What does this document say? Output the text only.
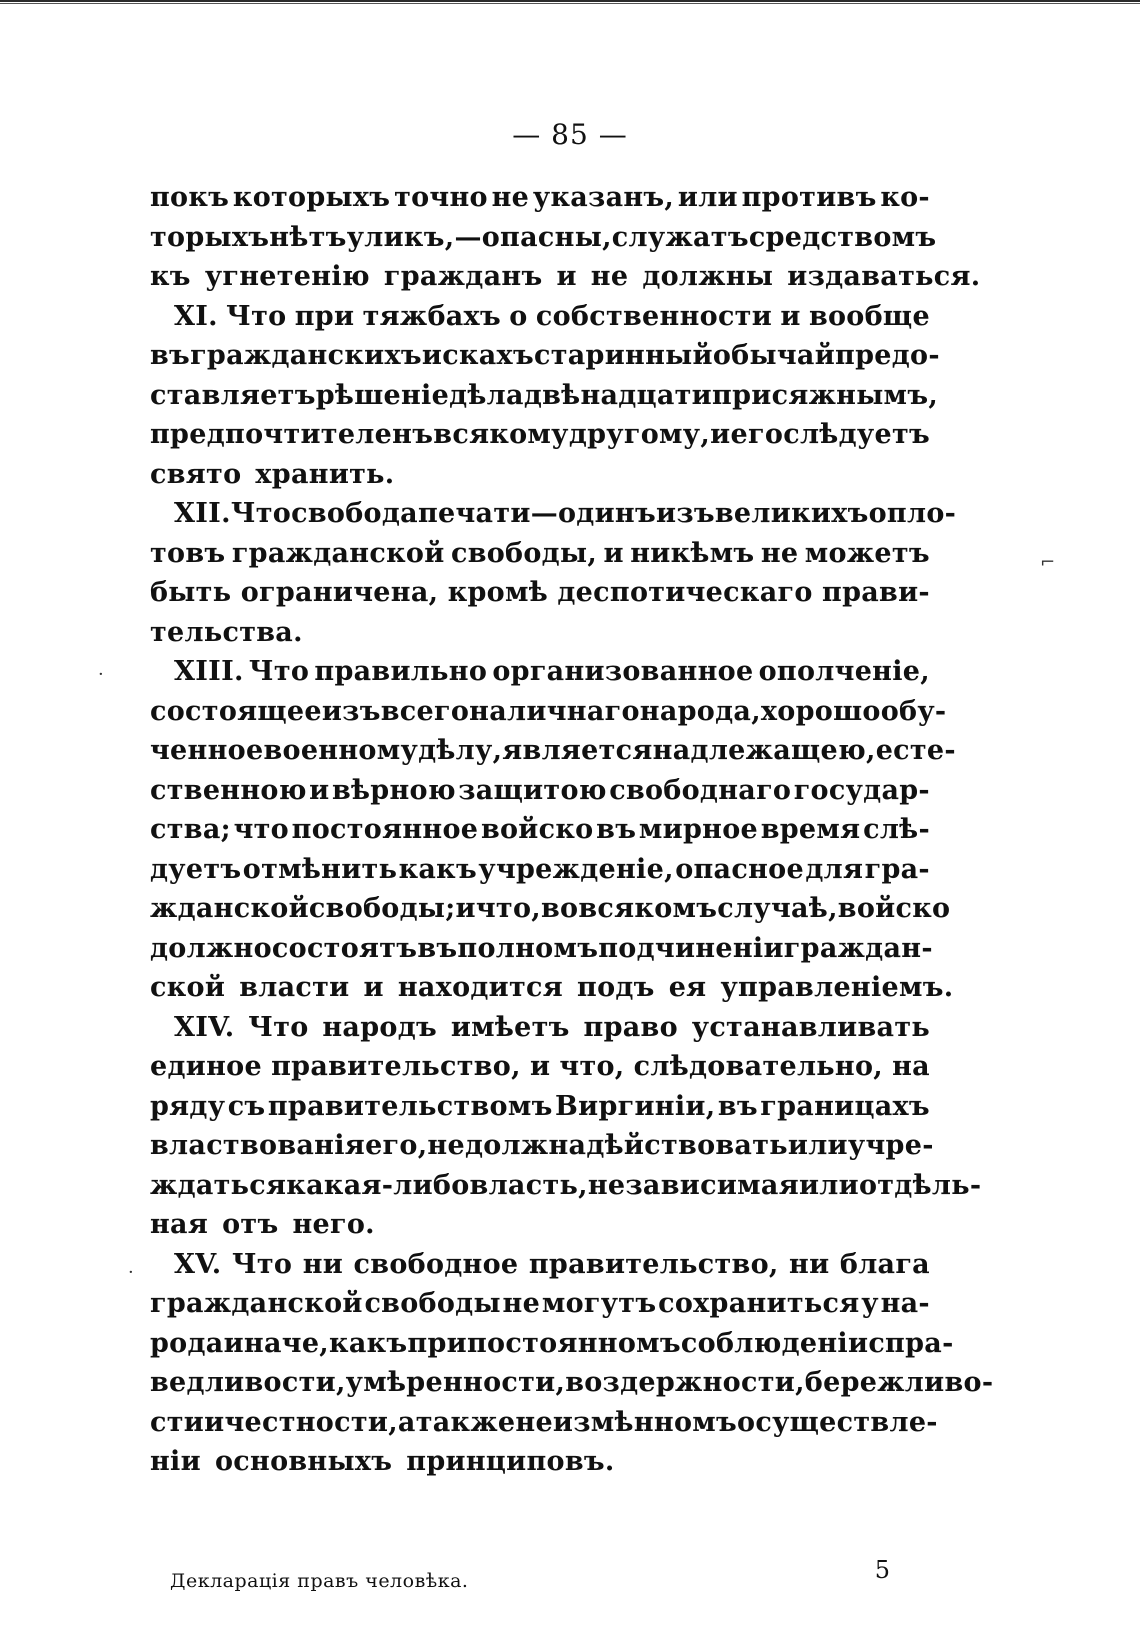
— 85 —
покъ которыхъ точно не указанъ, или противъ ко-
торыхъ нѣтъ уликъ,—опасны, служатъ средствомъ
къ угнетенію гражданъ и не должны издаваться.
XI. Что при тяжбахъ о собственности и вообще
въ гражданскихъ искахъ старинный обычай предо-
ставляетъ рѣшеніе дѣла двѣнадцати присяжнымъ,
предпочтителенъ всякому другому, и его слѣдуетъ
свято хранить.
XII. Что свобода печати—одинъ изъ великихъ опло-
товъ гражданской свободы, и никѣмъ не можетъ
быть ограничена, кромѣ деспотическаго прави-
тельства.
XIII. Что правильно организованное ополченіе,
состоящее изъ всего наличнаго народа, хорошо обу-
ченное военному дѣлу, является надлежащею, есте-
ственною и вѣрною защитою свободнаго государ-
ства; что постоянное войско въ мирное время слѣ-
дуетъ отмѣнить какъ учрежденіе, опасное для гра-
жданской свободы; и что, во всякомъ случаѣ, войско
должно состоятъ въ полномъ подчиненіи граждан-
ской власти и находится подъ ея управленіемъ.
XIV. Что народъ имѣетъ право устанавливать
единое правительство, и что, слѣдовательно, на
ряду съ правительствомъ Виргиніи, въ границахъ
властвованія его, не должна дѣйствовать или учре-
ждаться какая-либо власть, независимая или отдѣль-
ная отъ него.
XV. Что ни свободное правительство, ни блага
гражданской свободы не могутъ сохраниться у на-
рода иначе, какъ при постоянномъ соблюденіи спра-
ведливости, умѣренности, воздержности, бережливо-
сти и честности, а также неизмѣнномъ осуществле-
ніи основныхъ принциповъ.
Декларація правъ человѣка.	5
⌐
·
·
